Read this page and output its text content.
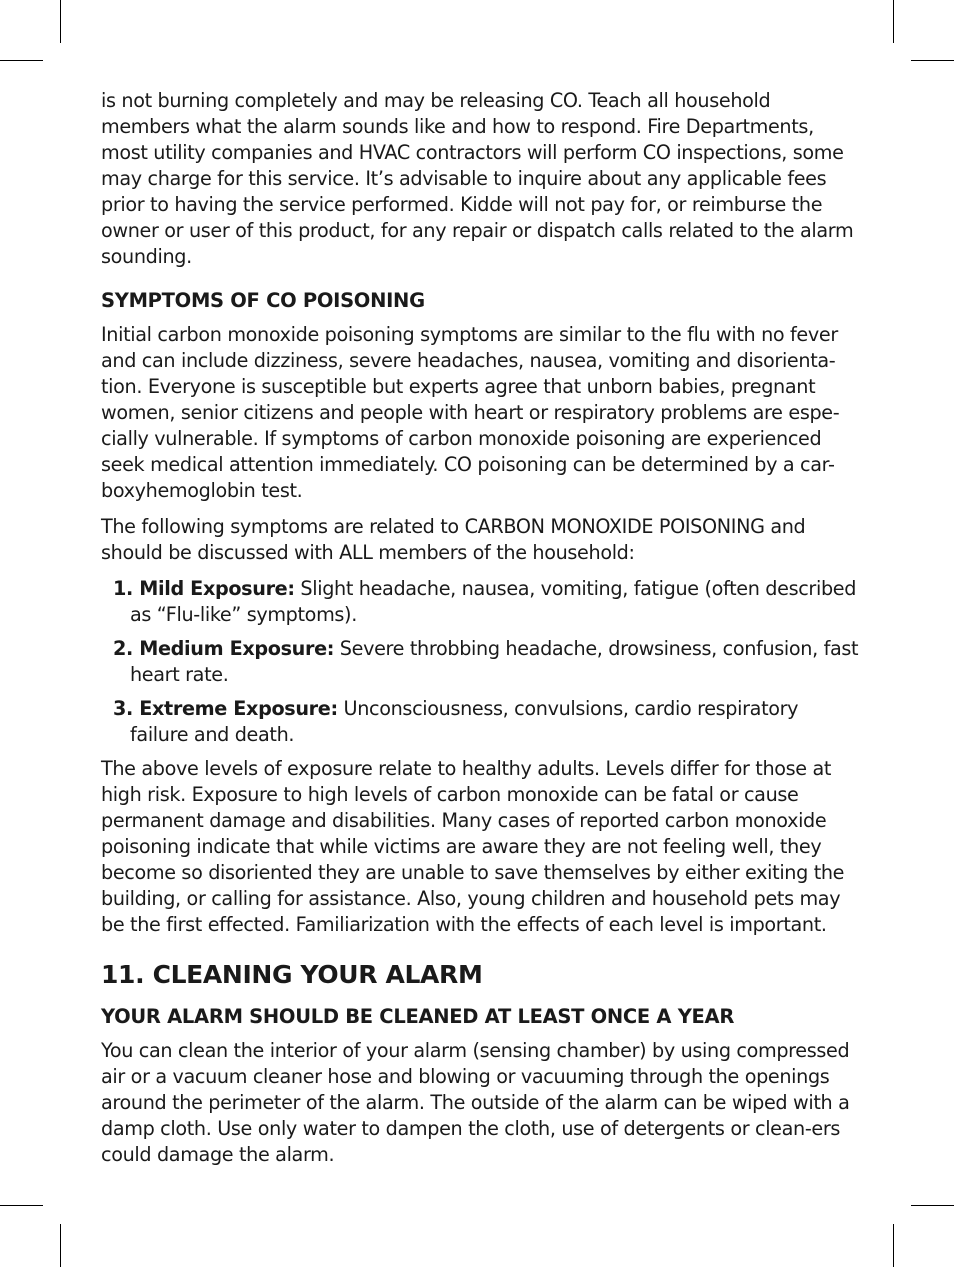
is not burning completely and may be releasing CO. Teach all household members what the alarm sounds like and how to respond. Fire Departments, most utility companies and HVAC contractors will perform CO inspections, some may charge for this service. It’s advisable to inquire about any applicable fees prior to having the service performed. Kidde will not pay for, or reimburse the owner or user of this product, for any repair or dispatch calls related to the alarm sounding.

SYMPTOMS OF CO POISONING

Initial carbon monoxide poisoning symptoms are similar to the flu with no fever and can include dizziness, severe headaches, nausea, vomiting and disorienta-tion. Everyone is susceptible but experts agree that unborn babies, pregnant women, senior citizens and people with heart or respiratory problems are espe-cially vulnerable. If symptoms of carbon monoxide poisoning are experienced seek medical attention immediately. CO poisoning can be determined by a car-boxyhemoglobin test.

The following symptoms are related to CARBON MONOXIDE POISONING and should be discussed with ALL members of the household:

1. Mild Exposure: Slight headache, nausea, vomiting, fatigue (often described as “Flu-like” symptoms).
2. Medium Exposure: Severe throbbing headache, drowsiness, confusion, fast heart rate.
3. Extreme Exposure: Unconsciousness, convulsions, cardio respiratory failure and death.

The above levels of exposure relate to healthy adults. Levels differ for those at high risk. Exposure to high levels of carbon monoxide can be fatal or cause permanent damage and disabilities. Many cases of reported carbon monoxide poisoning indicate that while victims are aware they are not feeling well, they become so disoriented they are unable to save themselves by either exiting the building, or calling for assistance. Also, young children and household pets may be the first effected. Familiarization with the effects of each level is important.

11. CLEANING YOUR ALARM
YOUR ALARM SHOULD BE CLEANED AT LEAST ONCE A YEAR

You can clean the interior of your alarm (sensing chamber) by using compressed air or a vacuum cleaner hose and blowing or vacuuming through the openings around the perimeter of the alarm. The outside of the alarm can be wiped with a damp cloth. Use only water to dampen the cloth, use of detergents or clean-ers could damage the alarm.
